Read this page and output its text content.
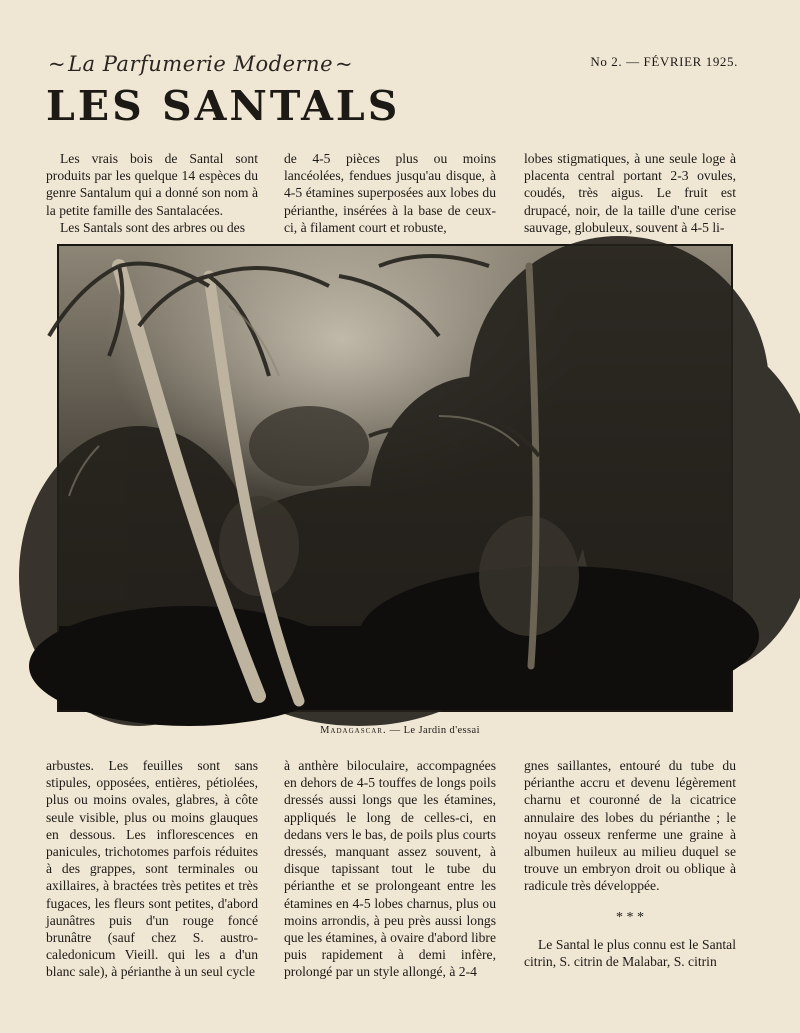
~ La Parfumerie Moderne ~	No 2. — FÉVRIER 1925.
LES SANTALS

Les vrais bois de Santal sont produits par les quelque 14 espèces du genre Santalum qui a donné son nom à la petite famille des Santalacées.

Les Santals sont des arbres ou des

de 4-5 pièces plus ou moins lancéolées, fendues jusqu'au disque, à 4-5 étamines superposées aux lobes du périanthe, insérées à la base de ceux-ci, à filament court et robuste,

lobes stigmatiques, à une seule loge à placenta central portant 2-3 ovules, coudés, très aigus. Le fruit est drupacé, noir, de la taille d'une cerise sauvage, globuleux, souvent à 4-5 li-

Madagascar. — Le Jardin d'essai

arbustes. Les feuilles sont sans stipules, opposées, entières, pétiolées, plus ou moins ovales, glabres, à côte seule visible, plus ou moins glauques en dessous. Les inflorescences en panicules, trichotomes parfois réduites à des grappes, sont terminales ou axillaires, à bractées très petites et très fugaces, les fleurs sont petites, d'abord jaunâtres puis d'un rouge foncé brunâtre (sauf chez S. austro-caledonicum Vieill. qui les a d'un blanc sale), à périanthe à un seul cycle

à anthère biloculaire, accompagnées en dehors de 4-5 touffes de longs poils dressés aussi longs que les étamines, appliqués le long de celles-ci, en dedans vers le bas, de poils plus courts dressés, manquant assez souvent, à disque tapissant tout le tube du périanthe et se prolongeant entre les étamines en 4-5 lobes charnus, plus ou moins arrondis, à peu près aussi longs que les étamines, à ovaire d'abord libre puis rapidement à demi infère, prolongé par un style allongé, à 2-4

gnes saillantes, entouré du tube du périanthe accru et devenu légèrement charnu et couronné de la cicatrice annulaire des lobes du périanthe ; le noyau osseux renferme une graine à albumen huileux au milieu duquel se trouve un embryon droit ou oblique à radicule très développée.

* * *

Le Santal le plus connu est le Santal citrin, S. citrin de Malabar, S. citrin
